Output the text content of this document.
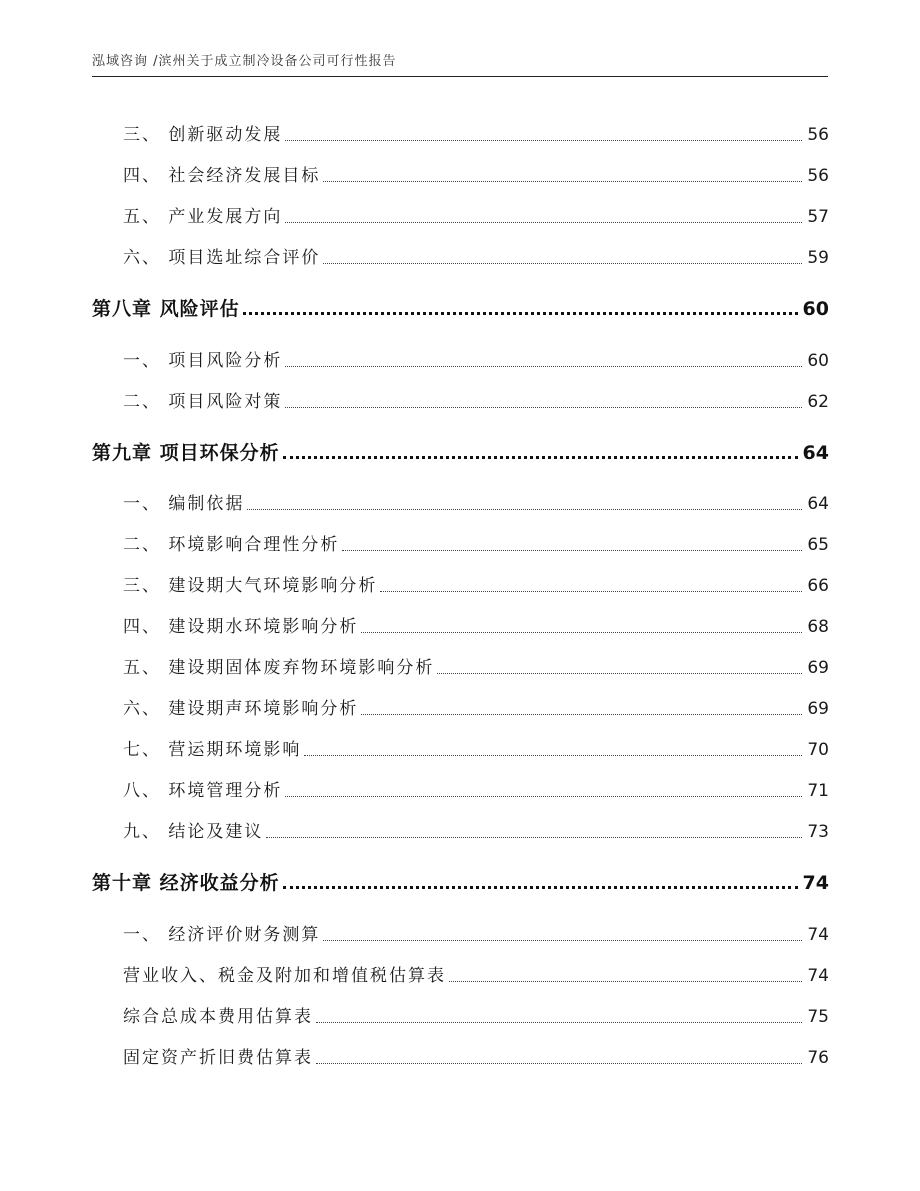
泓域咨询 /滨州关于成立制冷设备公司可行性报告
三、 创新驱动发展	56
四、 社会经济发展目标	56
五、 产业发展方向	57
六、 项目选址综合评价	59
第八章 风险评估	60
一、 项目风险分析	60
二、 项目风险对策	62
第九章 项目环保分析	64
一、 编制依据	64
二、 环境影响合理性分析	65
三、 建设期大气环境影响分析	66
四、 建设期水环境影响分析	68
五、 建设期固体废弃物环境影响分析	69
六、 建设期声环境影响分析	69
七、 营运期环境影响	70
八、 环境管理分析	71
九、 结论及建议	73
第十章 经济收益分析	74
一、 经济评价财务测算	74
营业收入、税金及附加和增值税估算表	74
综合总成本费用估算表	75
固定资产折旧费估算表	76
